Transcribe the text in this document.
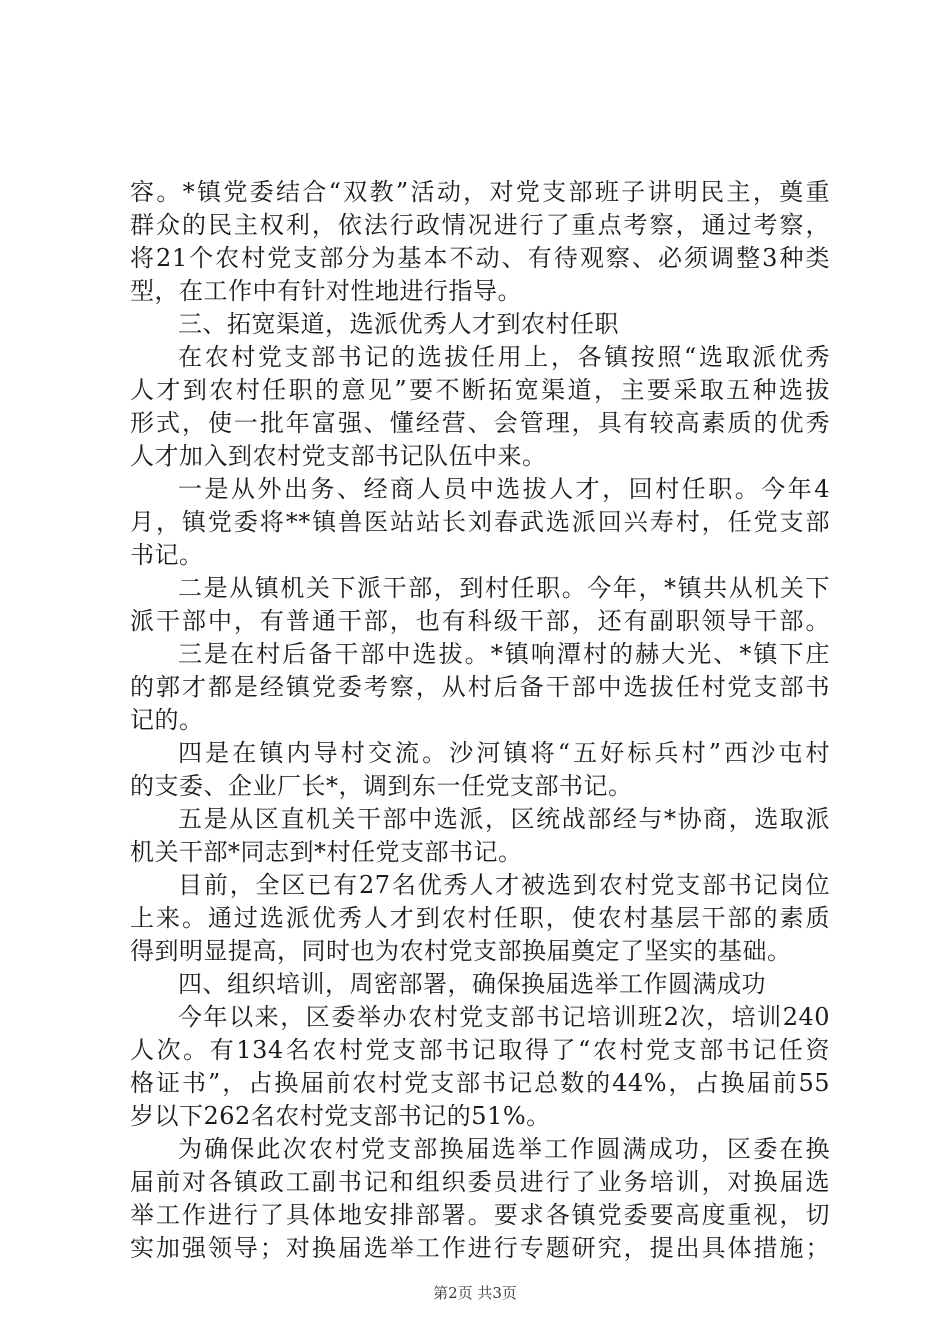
容。*镇党委结合“双教”活动，对党支部班子讲明民主，奠重
群众的民主权利，依法行政情况进行了重点考察，通过考察，
将21个农村党支部分为基本不动、有待观察、必须调整3种类
型，在工作中有针对性地进行指导。
三、拓宽渠道，选派优秀人才到农村任职
在农村党支部书记的选拔任用上，各镇按照“选取派优秀
人才到农村任职的意见”要不断拓宽渠道，主要采取五种选拔
形式，使一批年富强、懂经营、会管理，具有较高素质的优秀
人才加入到农村党支部书记队伍中来。
一是从外出务、经商人员中选拔人才，回村任职。今年4
月，镇党委将**镇兽医站站长刘春武选派回兴寿村，任党支部
书记。
二是从镇机关下派干部，到村任职。今年，*镇共从机关下
派干部中，有普通干部，也有科级干部，还有副职领导干部。
三是在村后备干部中选拔。*镇响潭村的赫大光、*镇下庄
的郭才都是经镇党委考察，从村后备干部中选拔任村党支部书
记的。
四是在镇内导村交流。沙河镇将“五好标兵村”西沙屯村
的支委、企业厂长*，调到东一任党支部书记。
五是从区直机关干部中选派，区统战部经与*协商，选取派
机关干部*同志到*村任党支部书记。
目前，全区已有27名优秀人才被选到农村党支部书记岗位
上来。通过选派优秀人才到农村任职，使农村基层干部的素质
得到明显提高，同时也为农村党支部换届奠定了坚实的基础。
四、组织培训，周密部署，确保换届选举工作圆满成功
今年以来，区委举办农村党支部书记培训班2次，培训240
人次。有134名农村党支部书记取得了“农村党支部书记任资
格证书”，占换届前农村党支部书记总数的44%，占换届前55
岁以下262名农村党支部书记的51%。
为确保此次农村党支部换届选举工作圆满成功，区委在换
届前对各镇政工副书记和组织委员进行了业务培训，对换届选
举工作进行了具体地安排部署。要求各镇党委要高度重视，切
实加强领导；对换届选举工作进行专题研究，提出具体措施；
第2页 共3页
